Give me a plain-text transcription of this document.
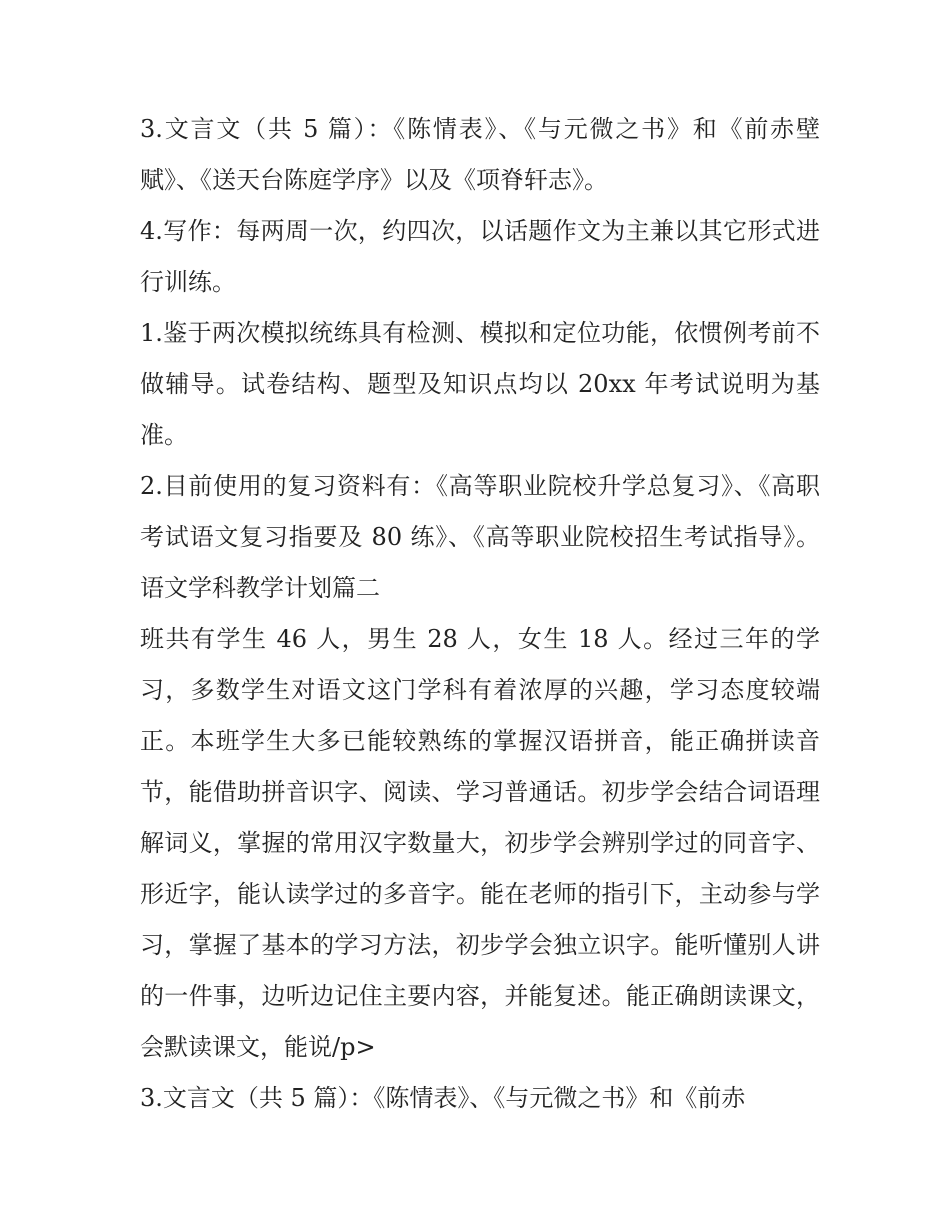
3.文言文（共 5 篇）：《陈情表》、《与元微之书》和《前赤壁赋》、《送天台陈庭学序》以及《项脊轩志》。

4.写作：每两周一次，约四次，以话题作文为主兼以其它形式进行训练。

1.鉴于两次模拟统练具有检测、模拟和定位功能，依惯例考前不做辅导。试卷结构、题型及知识点均以 20xx 年考试说明为基准。

2.目前使用的复习资料有：《高等职业院校升学总复习》、《高职考试语文复习指要及 80 练》、《高等职业院校招生考试指导》。 语文学科教学计划篇二

班共有学生 46 人，男生 28 人，女生 18 人。经过三年的学习，多数学生对语文这门学科有着浓厚的兴趣，学习态度较端正。本班学生大多已能较熟练的掌握汉语拼音，能正确拼读音节，能借助拼音识字、阅读、学习普通话。初步学会结合词语理解词义，掌握的常用汉字数量大，初步学会辨别学过的同音字、形近字，能认读学过的多音字。能在老师的指引下，主动参与学习，掌握了基本的学习方法，初步学会独立识字。能听懂别人讲的一件事，边听边记住主要内容，并能复述。能正确朗读课文，会默读课文，能说/p>

3.文言文（共 5 篇）：《陈情表》、《与元微之书》和《前赤
